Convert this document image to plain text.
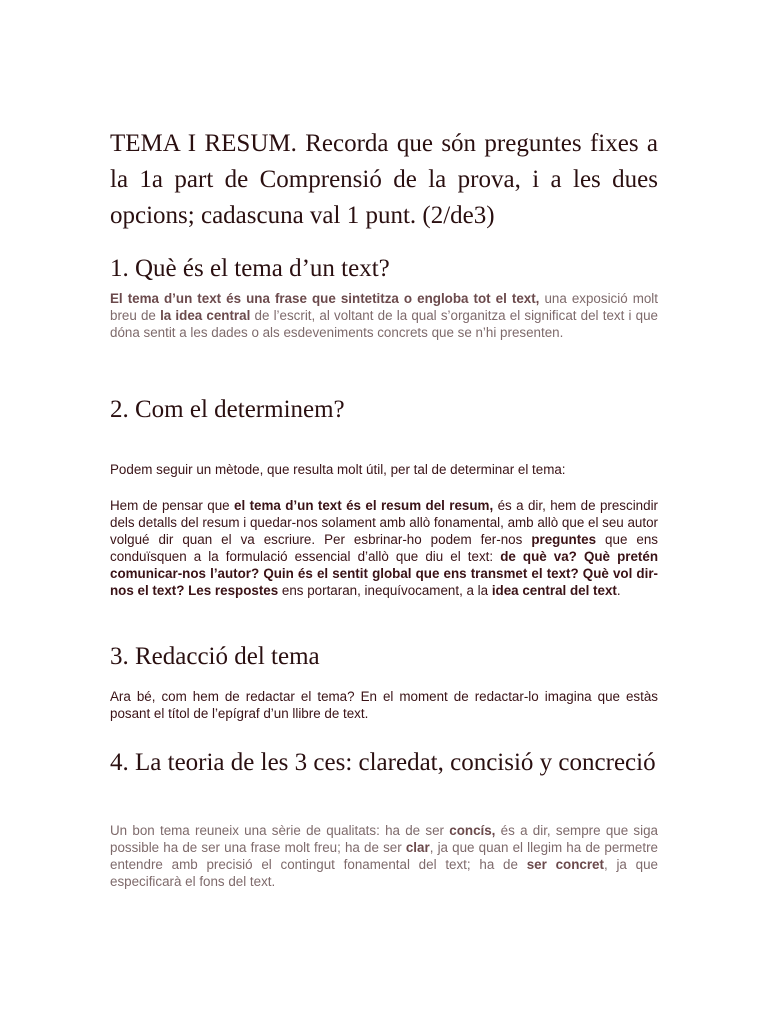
TEMA I RESUM. Recorda que són preguntes fixes a la 1a part de Comprensió de la prova, i a les dues opcions; cadascuna val 1 punt. (2/de3)
1. Què és el tema d’un text?
El tema d’un text és una frase que sintetitza o engloba tot el text, una exposició molt breu de la idea central de l’escrit, al voltant de la qual s’organitza el significat del text i que dóna sentit a les dades o als esdeveniments concrets que se n’hi presenten.
2. Com el determinem?
Podem seguir un mètode, que resulta molt útil, per tal de determinar el tema:
Hem de pensar que el tema d’un text és el resum del resum, és a dir, hem de prescindir dels detalls del resum i quedar-nos solament amb allò fonamental, amb allò que el seu autor volgué dir quan el va escriure. Per esbrinar-ho podem fer-nos preguntes que ens conduïsquen a la formulació essencial d’allò que diu el text: de què va? Què pretén comunicar-nos l’autor? Quin és el sentit global que ens transmet el text? Què vol dir-nos el text? Les respostes ens portaran, inequívocament, a la idea central del text.
3. Redacció del tema
Ara bé, com hem de redactar el tema? En el moment de redactar-lo imagina que estàs posant el títol de l’epígraf d’un llibre de text.
4. La teoria de les 3 ces: claredat, concisió y concreció
Un bon tema reuneix una sèrie de qualitats: ha de ser concís, és a dir, sempre que siga possible ha de ser una frase molt freu; ha de ser clar, ja que quan el llegim ha de permetre entendre amb precisió el contingut fonamental del text; ha de ser concret, ja que especificarà el fons del text.
